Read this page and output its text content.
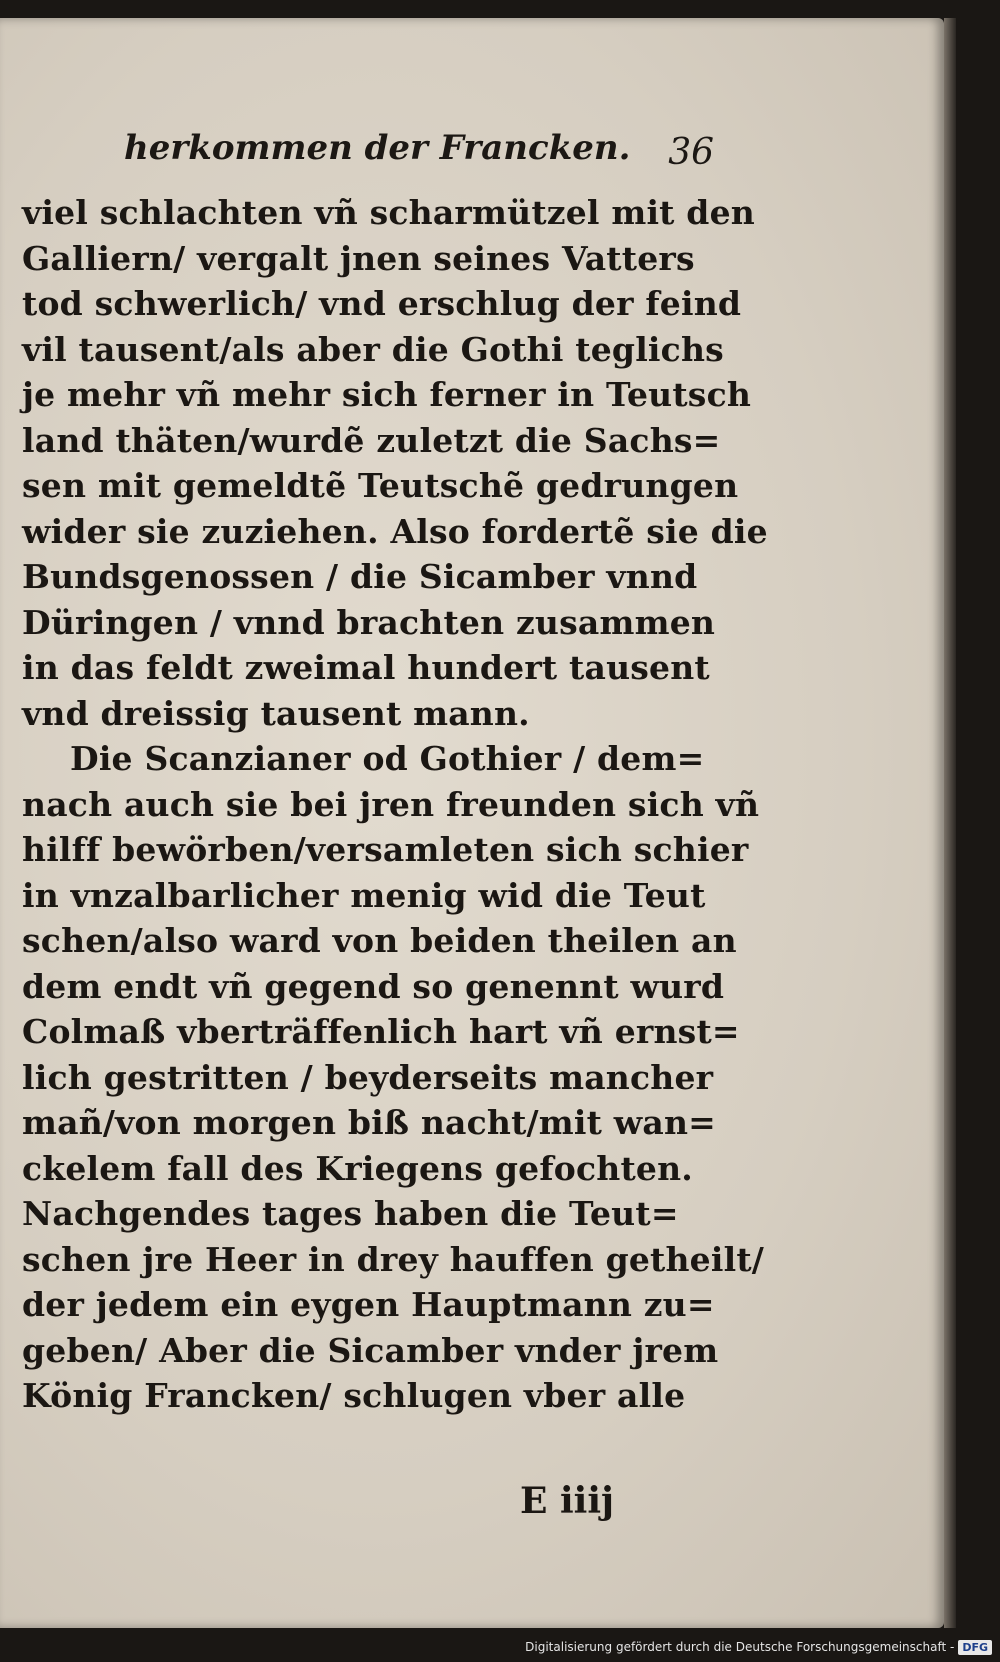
herkommen der Francken. 36
viel schlachten vñ scharmützel mit den
Galliern/ vergalt jnen seines Vatters
tod schwerlich/ vnd erschlug der feind
vil tausent/als aber die Gothi teglichs
je mehr vñ mehr sich ferner in Teutsch
land thäten/wurdẽ zuletzt die Sachs=
sen mit gemeldtẽ Teutschẽ gedrungen
wider sie zuziehen. Also fordertẽ sie die
Bundsgenossen / die Sicamber vnnd
Düringen / vnnd brachten zusammen
in das feldt zweimal hundert tausent
vnd dreissig tausent mann.
Die Scanzianer od Gothier / dem=
nach auch sie bei jren freunden sich vñ
hilff bewörben/versamleten sich schier
in vnzalbarlicher menig wid die Teut
schen/also ward von beiden theilen an
dem endt vñ gegend so genennt wurd
Colmaß vberträffenlich hart vñ ernst=
lich gestritten / beyderseits mancher
mañ/von morgen biß nacht/mit wan=
ckelem fall des Kriegens gefochten.
Nachgendes tages haben die Teut=
schen jre Heer in drey hauffen getheilt/
der jedem ein eygen Hauptmann zu=
geben/ Aber die Sicamber vnder jrem
König Francken/ schlugen vber alle
E iiij
Digitalisierung gefördert durch die Deutsche Forschungsgemeinschaft - DFG
